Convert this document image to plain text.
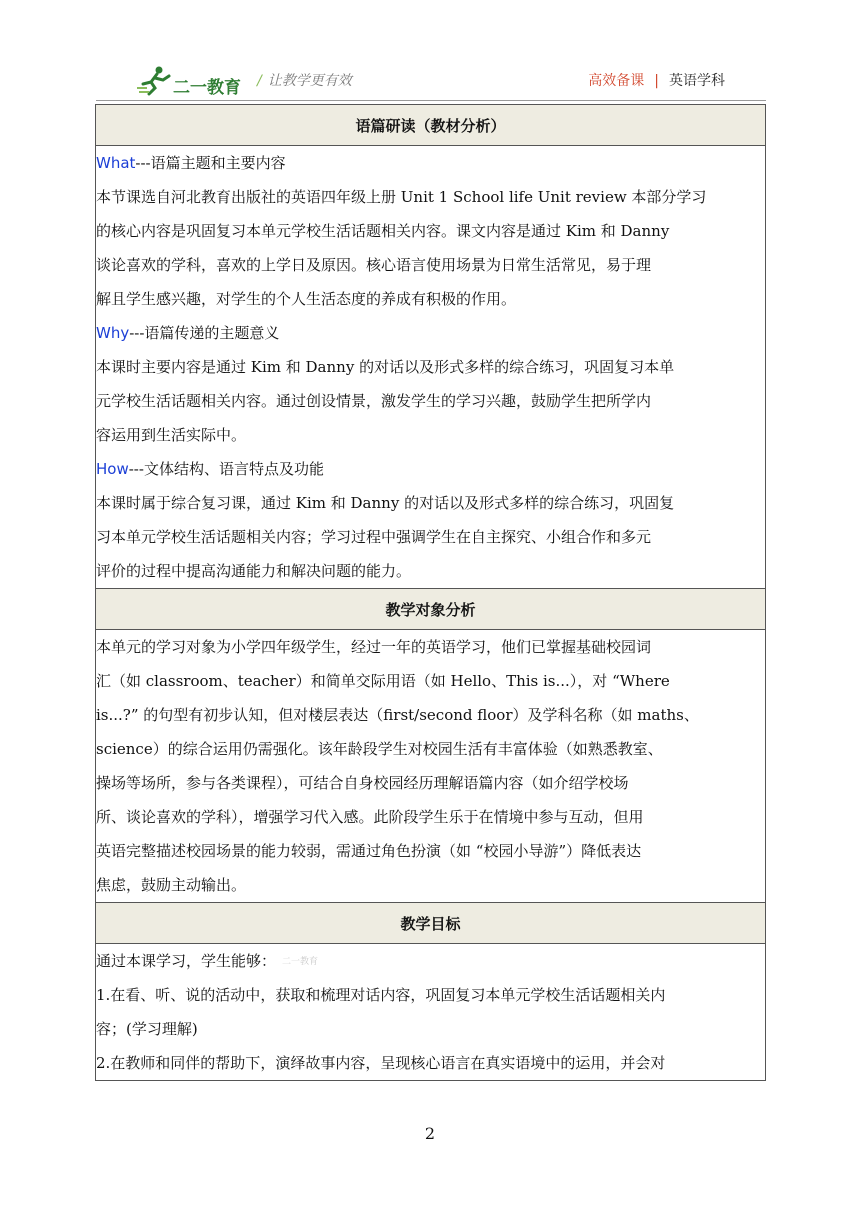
二一教育 / 让教学更有效	高效备课 | 英语学科
语篇研读（教材分析）

What---语篇主题和主要内容
本节课选自河北教育出版社的英语四年级上册 Unit 1 School life Unit review 本部分学习
的核心内容是巩固复习本单元学校生活话题相关内容。课文内容是通过 Kim 和 Danny
谈论喜欢的学科，喜欢的上学日及原因。核心语言使用场景为日常生活常见，易于理
解且学生感兴趣，对学生的个人生活态度的养成有积极的作用。
Why---语篇传递的主题意义
本课时主要内容是通过 Kim 和 Danny 的对话以及形式多样的综合练习，巩固复习本单
元学校生活话题相关内容。通过创设情景，激发学生的学习兴趣，鼓励学生把所学内
容运用到生活实际中。
How---文体结构、语言特点及功能
本课时属于综合复习课，通过 Kim 和 Danny 的对话以及形式多样的综合练习，巩固复
习本单元学校生活话题相关内容；学习过程中强调学生在自主探究、小组合作和多元
评价的过程中提高沟通能力和解决问题的能力。

教学对象分析

本单元的学习对象为小学四年级学生，经过一年的英语学习，他们已掌握基础校园词
汇（如 classroom、teacher）和简单交际用语（如 Hello、This is...），对 “Where
is...?” 的句型有初步认知，但对楼层表达（first/second floor）及学科名称（如 maths、
science）的综合运用仍需强化。该年龄段学生对校园生活有丰富体验（如熟悉教室、
操场等场所，参与各类课程），可结合自身校园经历理解语篇内容（如介绍学校场
所、谈论喜欢的学科），增强学习代入感。此阶段学生乐于在情境中参与互动，但用
英语完整描述校园场景的能力较弱，需通过角色扮演（如 “校园小导游”）降低表达
焦虑，鼓励主动输出。

教学目标

通过本课学习，学生能够： 二一教育
1.在看、听、说的活动中，获取和梳理对话内容，巩固复习本单元学校生活话题相关内
容；(学习理解)
2.在教师和同伴的帮助下，演绎故事内容，呈现核心语言在真实语境中的运用，并会对
2
